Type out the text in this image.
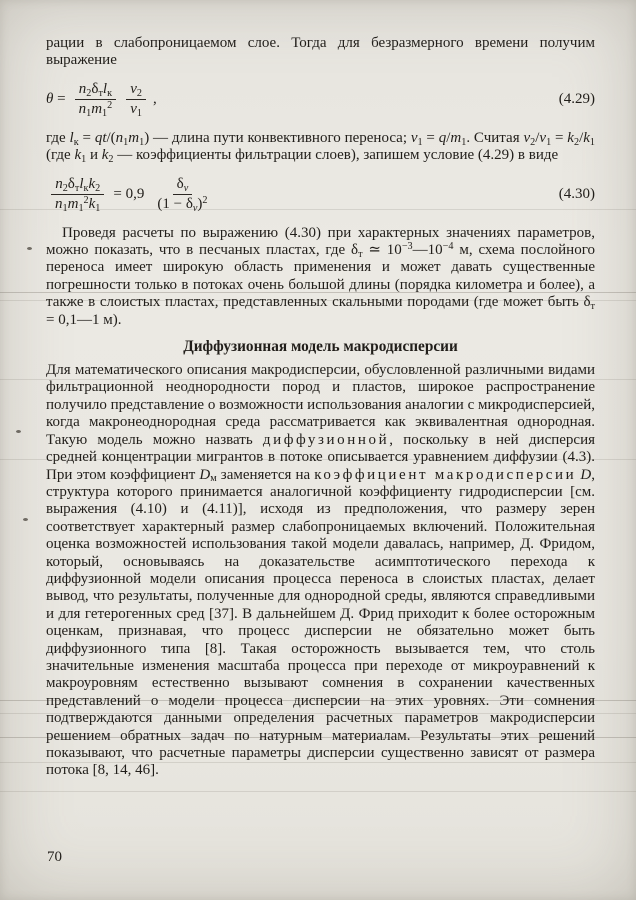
рации в слабопроницаемом слое. Тогда для безразмерного времени получим выражение

$\theta = \frac{n_2\delta_тl_к}{n_1m_1^2} \frac{v_2}{v_1}$ ,	(4.29)

где $l_к = qt/(n_1m_1)$ — длина пути конвективного переноса; $v_1 = q/m_1$. Считая $v_2/v_1 = k_2/k_1$ (где $k_1$ и $k_2$ — коэффициенты фильтрации слоев), запишем условие (4.29) в виде

$\frac{n_2\delta_тl_кk_2}{n_1m_1^2k_1} = 0,9 \frac{\delta_v}{(1 - \delta_v)^2}$	(4.30)

Проведя расчеты по выражению (4.30) при характерных значениях параметров, можно показать, что в песчаных пластах, где $\delta_т$ ≃ $10^{-3}—10^{-4}$ м, схема послойного переноса имеет широкую область применения и может давать существенные погрешности только в потоках очень большой длины (порядка километра и более), а также в слоистых пластах, представленных скальными породами (где может быть $\delta_т$ = 0,1—1 м).

Диффузионная модель макродисперсии

Для математического описания макродисперсии, обусловленной различными видами фильтрационной неоднородности пород и пластов, широкое распространение получило представление о возможности использования аналогии с микродисперсией, когда макронеоднородная среда рассматривается как эквивалентная однородная. Такую модель можно назвать диффузионной, поскольку в ней дисперсия средней концентрации мигрантов в потоке описывается уравнением диффузии (4.3). При этом коэффициент $D_м$ заменяется на коэффициент макродисперсии D, структура которого принимается аналогичной коэффициенту гидродисперсии [см. выражения (4.10) и (4.11)], исходя из предположения, что размеру зерен соответствует характерный размер слабопроницаемых включений. Положительная оценка возможностей использования такой модели давалась, например, Д. Фридом, который, основываясь на доказательстве асимптотического перехода к диффузионной модели описания процесса переноса в слоистых пластах, делает вывод, что результаты, полученные для однородной среды, являются справедливыми и для гетерогенных сред [37]. В дальнейшем Д. Фрид приходит к более осторожным оценкам, признавая, что процесс дисперсии не обязательно может быть диффузионного типа [8]. Такая осторожность вызывается тем, что столь значительные изменения масштаба процесса при переходе от микроуравнений к макроуровням естественно вызывают сомнения в сохранении качественных представлений о модели процесса дисперсии на этих уровнях. Эти сомнения подтверждаются данными определения расчетных параметров макродисперсии решением обратных задач по натурным материалам. Результаты этих решений показывают, что расчетные параметры дисперсии существенно зависят от размера потока [8, 14, 46].

70
